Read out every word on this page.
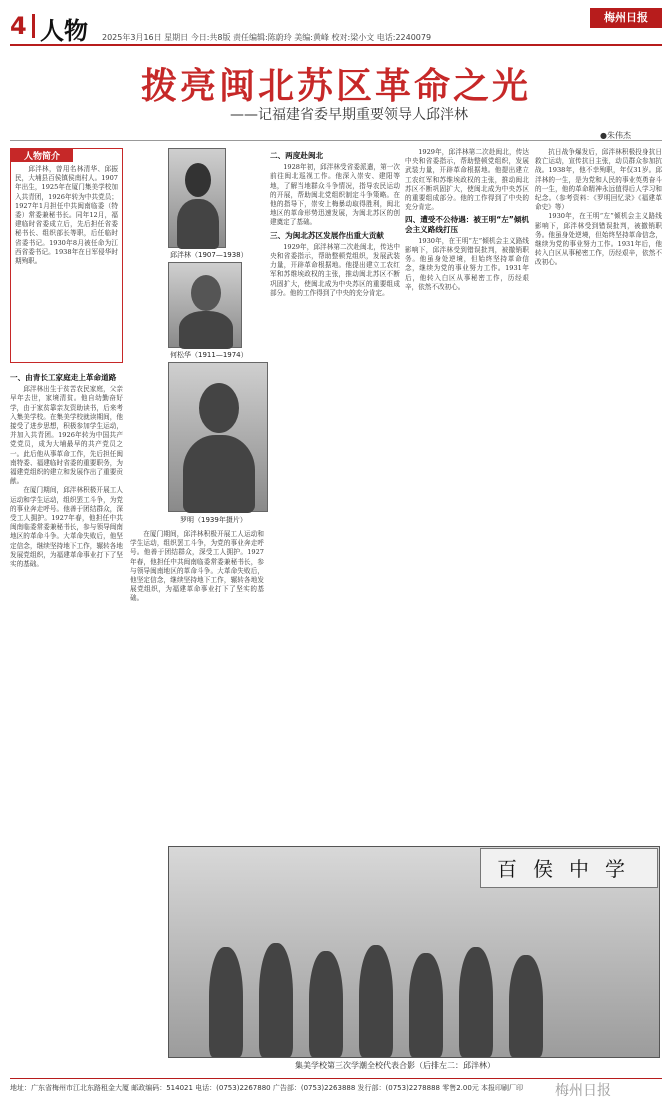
4 人物 2025年3月16日 星期日 今日:共8版 责任编辑:陈蔚玲 美编:黄峰 校对:梁小文 电话:2240079
梅州日报
拨亮闽北苏区革命之光
——记福建省委早期重要领导人邱泮林
●朱伟杰
人物简介
邱泮林，曾用名林清华、邱振民，大埔县百侯镇侯南村人。1907年出生，1925年在厦门集美学校加入共青团，1926年转为中共党员；1927年1月担任中共闽南临委（特委）常委兼秘书长。同年12月，福建临时省委成立后，先后担任省委秘书长、组织部长等职，后任临时省委书记。1930年8月被任命为江西省委书记。1938年在日军侵华时期殉职。

一、由青长工家庭走上革命道路

邱泮林出生于贫苦农民家庭，父亲早年去世，家境清贫。他自幼勤奋好学，由于家贫靠亲友资助读书，后来考入集美学校。在集美学校就读期间，他接受了进步思想，积极参加学生运动，并加入共青团。1926年转为中国共产党党员，成为大埔最早的共产党员之一。此后他从事革命工作，先后担任闽南特委、福建临时省委的重要职务，为福建党组织的建立和发展作出了重要贡献。

在厦门期间，邱泮林积极开展工人运动和学生运动，组织罢工斗争，为党的事业奔走呼号。他善于团结群众，深受工人拥护。1927年春，他担任中共闽南临委常委兼秘书长，参与领导闽南地区的革命斗争。大革命失败后，他坚定信念，继续坚持地下工作，辗转各地发展党组织，为福建革命事业打下了坚实的基础。

邱泮林（1907—1938）
何松华（1911—1974）
罗明（1939年摄片）

二、两度赴闽北

1928年初，邱泮林受省委派遣，第一次前往闽北巡视工作。他深入崇安、建阳等地，了解当地群众斗争情况，指导农民运动的开展，帮助闽北党组织制定斗争策略。在他的指导下，崇安上梅暴动取得胜利，闽北地区的革命形势迅速发展，为闽北苏区的创建奠定了基础。

三、为闽北苏区发展作出重大贡献

1929年，邱泮林第二次赴闽北，传达中央和省委指示，帮助整顿党组织，发展武装力量，开辟革命根据地。他提出建立工农红军和苏维埃政权的主张，推动闽北苏区不断巩固扩大，使闽北成为中央苏区的重要组成部分。他的工作得到了中央的充分肯定。

在厦门期间，邱泮林积极开展工人运动和学生运动，组织罢工斗争，为党的事业奔走呼号。他善于团结群众，深受工人拥护。1927年春，他担任中共闽南临委常委兼秘书长，参与领导闽南地区的革命斗争。大革命失败后，他坚定信念，继续坚持地下工作，辗转各地发展党组织，为福建革命事业打下了坚实的基础。

1929年，邱泮林第二次赴闽北，传达中央和省委指示，帮助整顿党组织，发展武装力量，开辟革命根据地。他提出建立工农红军和苏维埃政权的主张，推动闽北苏区不断巩固扩大，使闽北成为中央苏区的重要组成部分。他的工作得到了中央的充分肯定。

四、遭受不公待遇：被王明“左”倾机会主义路线打压

1930年，在王明“左”倾机会主义路线影响下，邱泮林受到错误批判，被撤销职务。他虽身处逆境，但始终坚持革命信念，继续为党的事业努力工作。1931年后，他转入白区从事秘密工作，历经艰辛，依然不改初心。

抗日战争爆发后，邱泮林积极投身抗日救亡运动，宣传抗日主张，动员群众参加抗战。1938年，他不幸殉职，年仅31岁。邱泮林的一生，是为党和人民的事业英勇奋斗的一生，他的革命精神永远值得后人学习和纪念。（参考资料：《罗明回忆录》《福建革命史》等）

1930年，在王明“左”倾机会主义路线影响下，邱泮林受到错误批判，被撤销职务。他虽身处逆境，但始终坚持革命信念，继续为党的事业努力工作。1931年后，他转入白区从事秘密工作，历经艰辛，依然不改初心。

百侯中学
集美学校第三次学潮全校代表合影（后排左二：邱泮林）
地址：广东省梅州市江北东路租金大厦 邮政编码：514021 电话：(0753)2267880 广告部：(0753)2263888 发行部：(0753)2278888 零售2.00元 本报印刷厂印	梅州日报
